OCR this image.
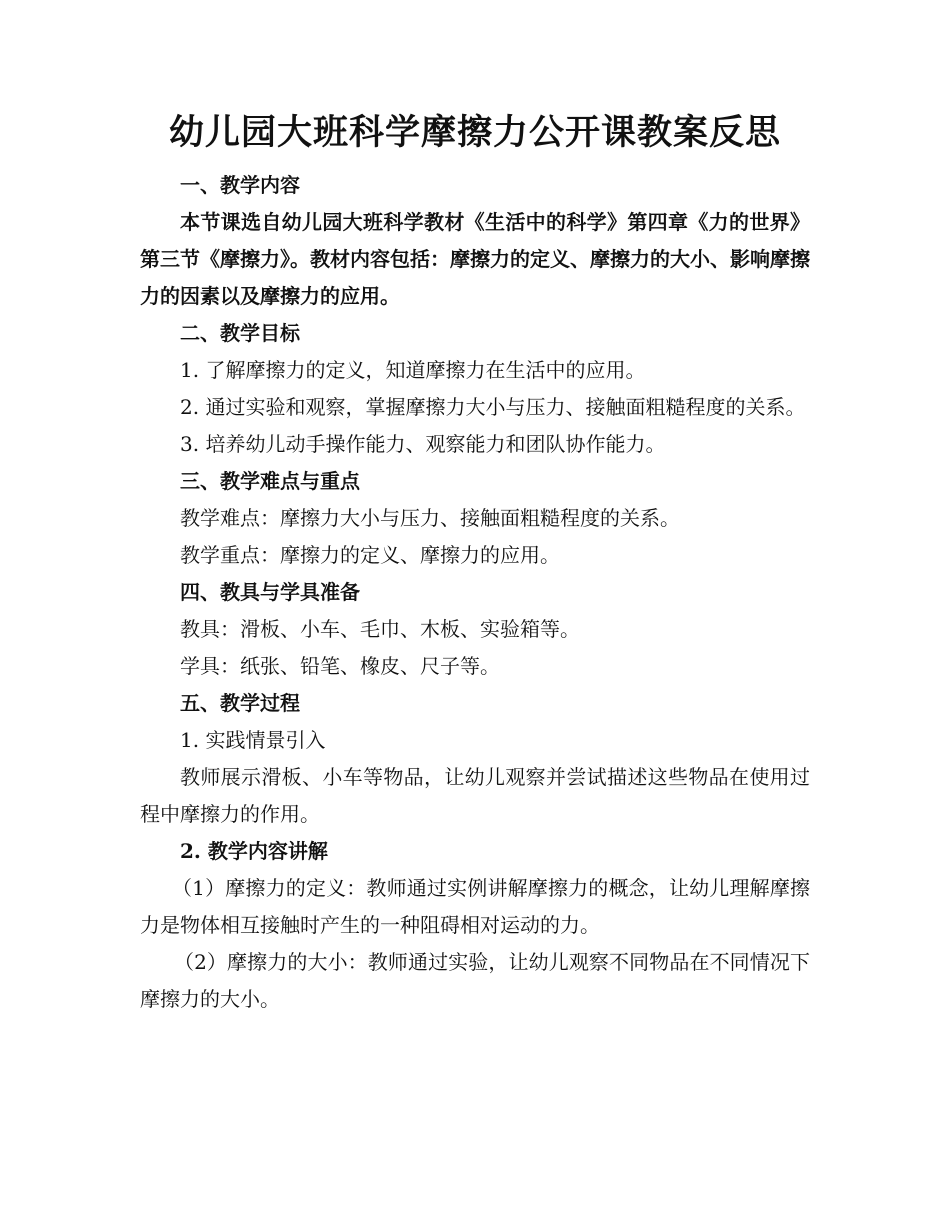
幼儿园大班科学摩擦力公开课教案反思

一、教学内容

本节课选自幼儿园大班科学教材《生活中的科学》第四章《力的世界》第三节《摩擦力》。教材内容包括：摩擦力的定义、摩擦力的大小、影响摩擦力的因素以及摩擦力的应用。

二、教学目标

1. 了解摩擦力的定义，知道摩擦力在生活中的应用。

2. 通过实验和观察，掌握摩擦力大小与压力、接触面粗糙程度的关系。

3. 培养幼儿动手操作能力、观察能力和团队协作能力。

三、教学难点与重点

教学难点：摩擦力大小与压力、接触面粗糙程度的关系。

教学重点：摩擦力的定义、摩擦力的应用。

四、教具与学具准备

教具：滑板、小车、毛巾、木板、实验箱等。

学具：纸张、铅笔、橡皮、尺子等。

五、教学过程

1. 实践情景引入

教师展示滑板、小车等物品，让幼儿观察并尝试描述这些物品在使用过程中摩擦力的作用。

2. 教学内容讲解

（1）摩擦力的定义：教师通过实例讲解摩擦力的概念，让幼儿理解摩擦力是物体相互接触时产生的一种阻碍相对运动的力。

（2）摩擦力的大小：教师通过实验，让幼儿观察不同物品在不同情况下摩擦力的大小。
